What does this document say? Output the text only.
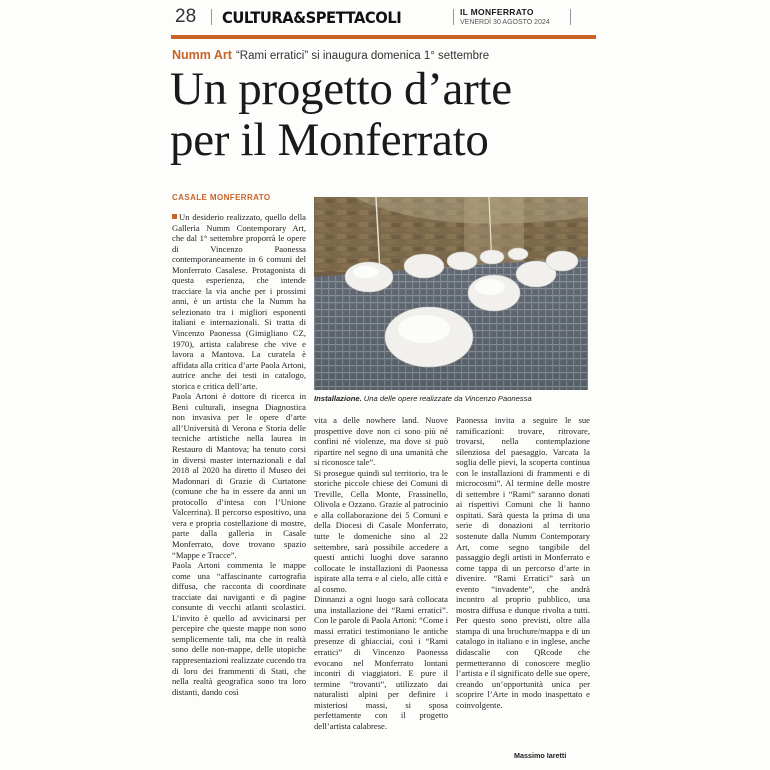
28	CULTURA&SPETTACOLI	IL MONFERRATO
VENERDÌ 30 AGOSTO 2024
Numm Art “Rami erratici” si inaugura domenica 1° settembre
Un progetto d’arte
per il Monferrato
CASALE MONFERRATO

Un desiderio realizzato, quello della Galleria Numm Contemporary Art, che dal 1° settembre proporrà le opere di Vincenzo Paonessa contemporaneamente in 6 comuni del Monferrato Casalese. Protagonista di questa esperienza, che intende tracciare la via anche per i prossimi anni, è un artista che la Numm ha selezionato tra i migliori esponenti italiani e internazionali. Si tratta di Vincenzo Paonessa (Gimigliano CZ, 1970), artista calabrese che vive e lavora a Mantova. La curatela è affidata alla critica d’arte Paola Artoni, autrice anche dei testi in catalogo, storica e critica dell’arte.

Paola Artoni è dottore di ricerca in Beni culturali, insegna Diagnostica non invasiva per le opere d’arte all’Università di Verona e Storia delle tecniche artistiche nella laurea in Restauro di Mantova; ha tenuto corsi in diversi master internazionali e dal 2018 al 2020 ha diretto il Museo dei Madonnari di Grazie di Curtatone (comune che ha in essere da anni un protocollo d’intesa con l’Unione Valcerrina). Il percorso espositivo, una vera e propria costellazione di mostre, parte dalla galleria in Casale Monferrato, dove trovano spazio “Mappe e Tracce”.

Paola Artoni commenta le mappe come una “affascinante cartografia diffusa, che racconta di coordinate tracciate dai naviganti e di pagine consunte di vecchi atlanti scolastici. L’invito è quello ad avvicinarsi per percepire che queste mappe non sono semplicemente tali, ma che in realtà sono delle non-mappe, delle utopiche rappresentazioni realizzate cucendo tra di loro dei frammenti di Stati, che nella realtà geografica sono tra loro distanti, dando così

Installazione. Una delle opere realizzate da Vincenzo Paonessa

vita a delle nowhere land. Nuove prospettive dove non ci sono più né confini né violenze, ma dove si può ripartire nel segno di una umanità che si riconosce tale”.

Si prosegue quindi sul territorio, tra le storiche piccole chiese dei Comuni di Treville, Cella Monte, Frassinello, Olivola e Ozzano. Grazie al patrocinio e alla collaborazione dei 5 Comuni e della Diocesi di Casale Monferrato, tutte le domeniche sino al 22 settembre, sarà possibile accedere a questi antichi luoghi dove saranno collocate le installazioni di Paonessa ispirate alla terra e al cielo, alle città e al cosmo.

Dinnanzi a ogni luogo sarà collocata una installazione dei “Rami erratici”. Con le parole di Paola Artoni: “Come i massi erratici testimoniano le antiche presenze di ghiacciai, così i “Rami erratici” di Vincenzo Paonessa evocano nel Monferrato lontani incontri di viaggiatori. E pure il termine “trovanti”, utilizzato dai naturalisti alpini per definire i misteriosi massi, si sposa perfettamente con il progetto dell’artista calabrese.

Paonessa invita a seguire le sue ramificazioni: trovare, ritrovare, trovarsi, nella contemplazione silenziosa del paesaggio. Varcata la soglia delle pievi, la scoperta continua con le installazioni di frammenti e di microcosmi”. Al termine delle mostre di settembre i “Rami” saranno donati ai rispettivi Comuni che li hanno ospitati. Sarà questa la prima di una serie di donazioni al territorio sostenute dalla Numm Contemporary Art, come segno tangibile del passaggio degli artisti in Monferrato e come tappa di un percorso d’arte in divenire. “Rami Erratici” sarà un evento “invadente”, che andrà incontro al proprio pubblico, una mostra diffusa e dunque rivolta a tutti. Per questo sono previsti, oltre alla stampa di una brochure/mappa e di un catalogo in italiano e in inglese, anche didascalie con QRcode che permetteranno di conoscere meglio l’artista e il significato delle sue opere, creando un’opportunità unica per scoprire l’Arte in modo inaspettato e coinvolgente.

Massimo Iaretti
